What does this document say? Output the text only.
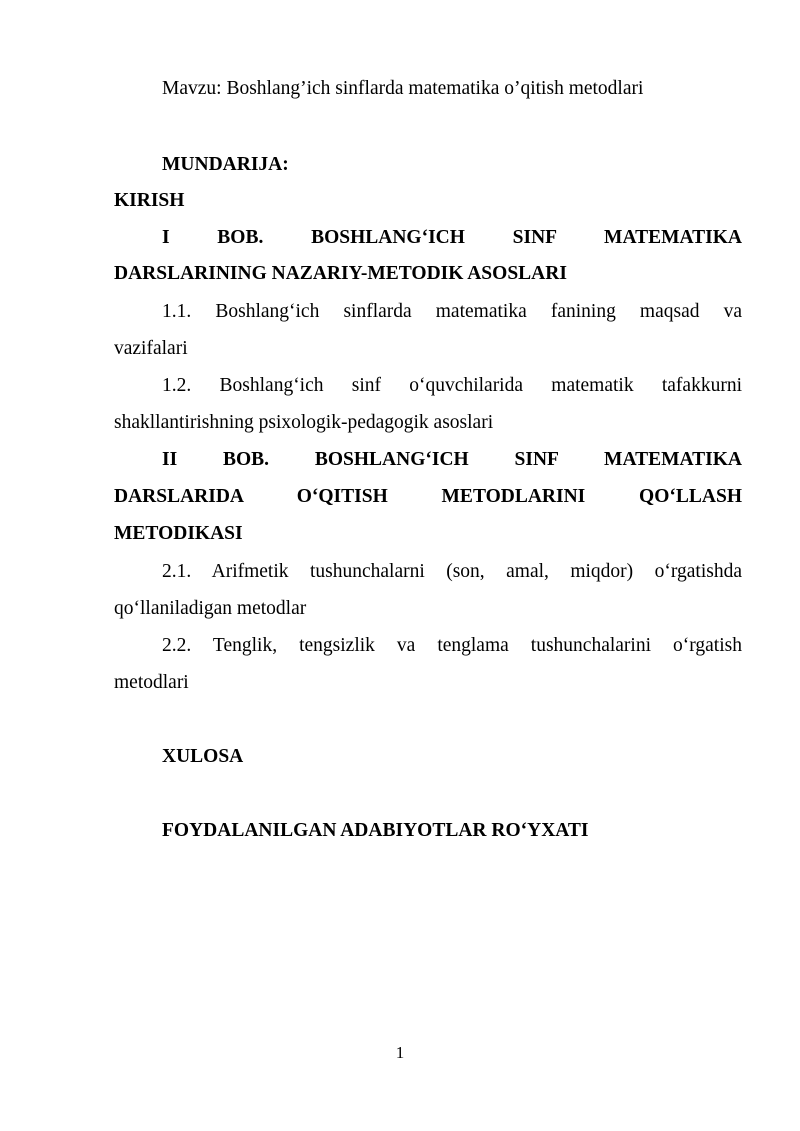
Mavzu: Boshlang’ich sinflarda matematika o’qitish metodlari
MUNDARIJA:
KIRISH
I BOB. BOSHLANG‘ICH SINF MATEMATIKA
DARSLARINING NAZARIY-METODIK ASOSLARI
1.1. Boshlang‘ich sinflarda matematika fanining maqsad va
vazifalari
1.2. Boshlang‘ich sinf o‘quvchilarida matematik tafakkurni
shakllantirishning psixologik-pedagogik asoslari
II BOB. BOSHLANG‘ICH SINF MATEMATIKA
DARSLARIDA O‘QITISH METODLARINI QO‘LLASH
METODIKASI
2.1. Arifmetik tushunchalarni (son, amal, miqdor) o‘rgatishda
qo‘llaniladigan metodlar
2.2. Tenglik, tengsizlik va tenglama tushunchalarini o‘rgatish
metodlari
XULOSA
FOYDALANILGAN ADABIYOTLAR RO‘YXATI
1
